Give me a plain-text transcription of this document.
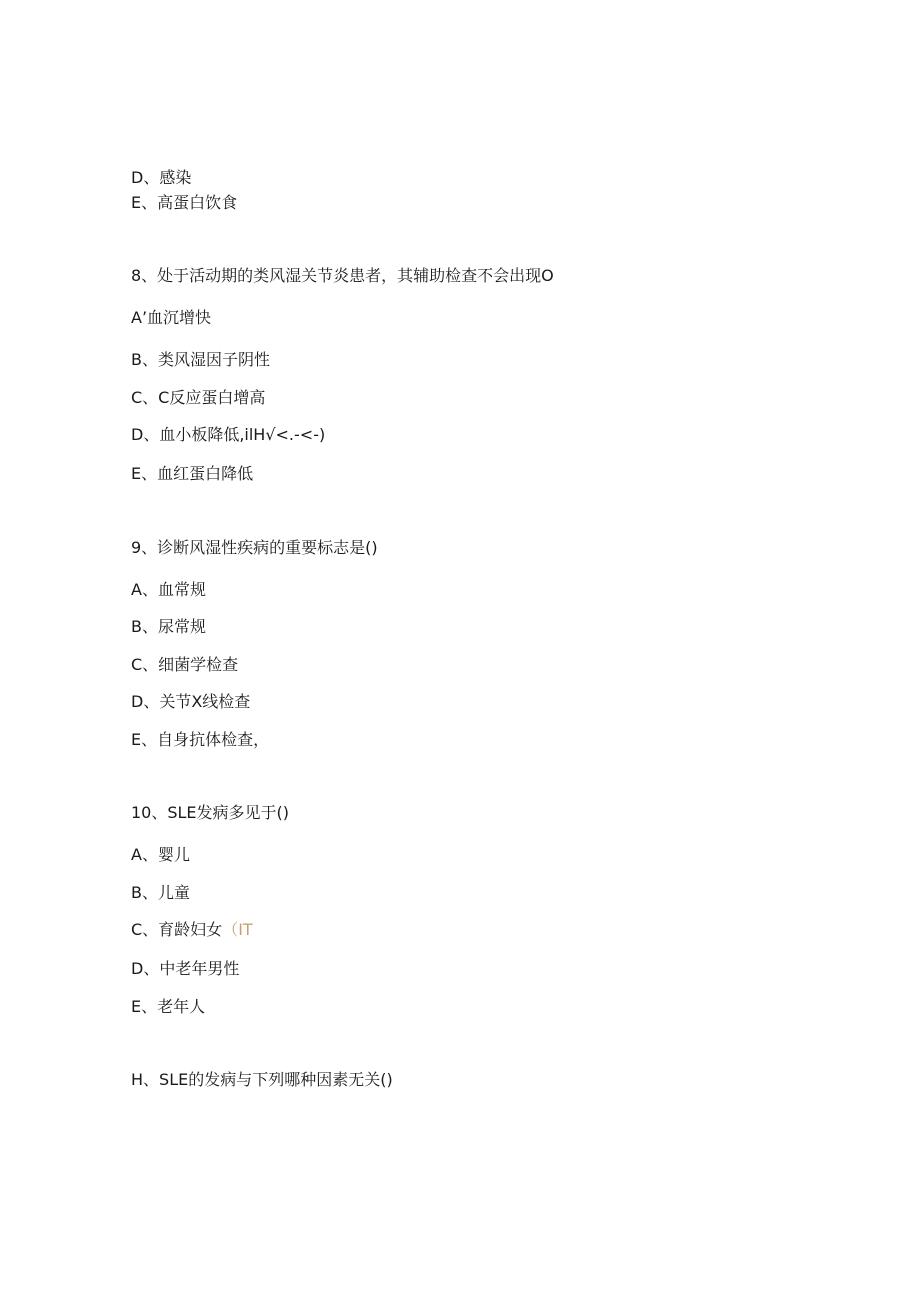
D、感染
E、高蛋白饮食
8、处于活动期的类风湿关节炎患者，其辅助检查不会出现O
A’血沉增快
B、类风湿因子阴性
C、C反应蛋白增高
D、血小板降低,ilH√<.-<-)
E、血红蛋白降低
9、诊断风湿性疾病的重要标志是()
A、血常规
B、尿常规
C、细菌学检查
D、关节X线检查
E、自身抗体检查，
10、SLE发病多见于()
A、婴儿
B、儿童
C、育龄妇女（IT
D、中老年男性
E、老年人
H、SLE的发病与下列哪种因素无关()
